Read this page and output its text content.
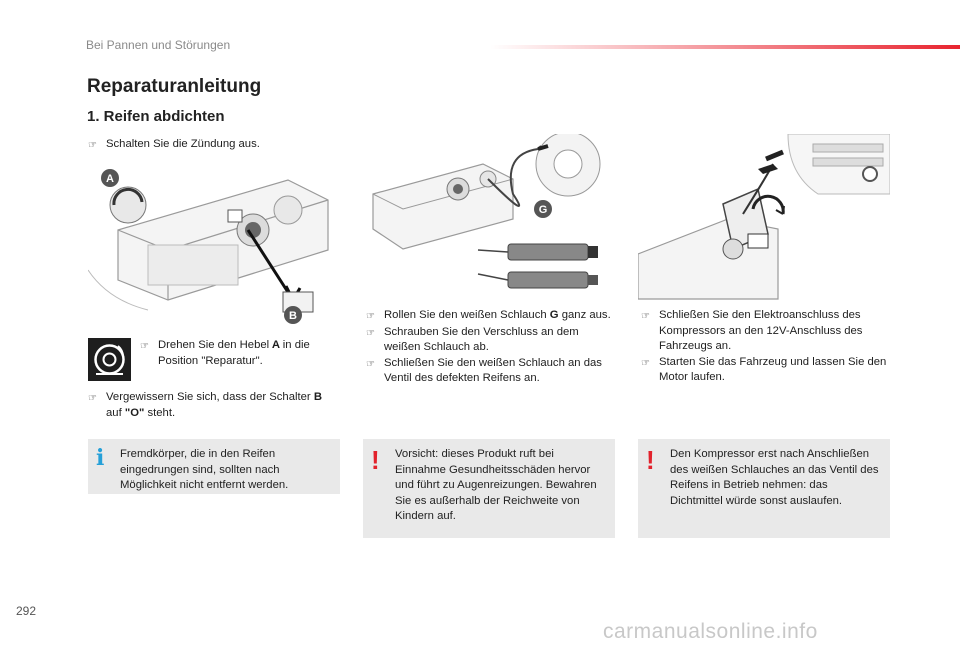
Bei Pannen und Störungen
Reparaturanleitung
1. Reifen abdichten
☞ Schalten Sie die Zündung aus.
A
B
☞ Drehen Sie den Hebel A in die Position "Reparatur".
☞ Vergewissern Sie sich, dass der Schalter B auf "O" steht.
i Fremdkörper, die in den Reifen eingedrungen sind, sollten nach Möglichkeit nicht entfernt werden.
G
☞ Rollen Sie den weißen Schlauch G ganz aus.
☞ Schrauben Sie den Verschluss an dem weißen Schlauch ab.
☞ Schließen Sie den weißen Schlauch an das Ventil des defekten Reifens an.
! Vorsicht: dieses Produkt ruft bei Einnahme Gesundheitsschäden hervor und führt zu Augenreizungen. Bewahren Sie es außerhalb der Reichweite von Kindern auf.
☞ Schließen Sie den Elektroanschluss des Kompressors an den 12V-Anschluss des Fahrzeugs an.
☞ Starten Sie das Fahrzeug und lassen Sie den Motor laufen.
! Den Kompressor erst nach Anschließen des weißen Schlauches an das Ventil des Reifens in Betrieb nehmen: das Dichtmittel würde sonst auslaufen.
292
carmanualsonline.info
